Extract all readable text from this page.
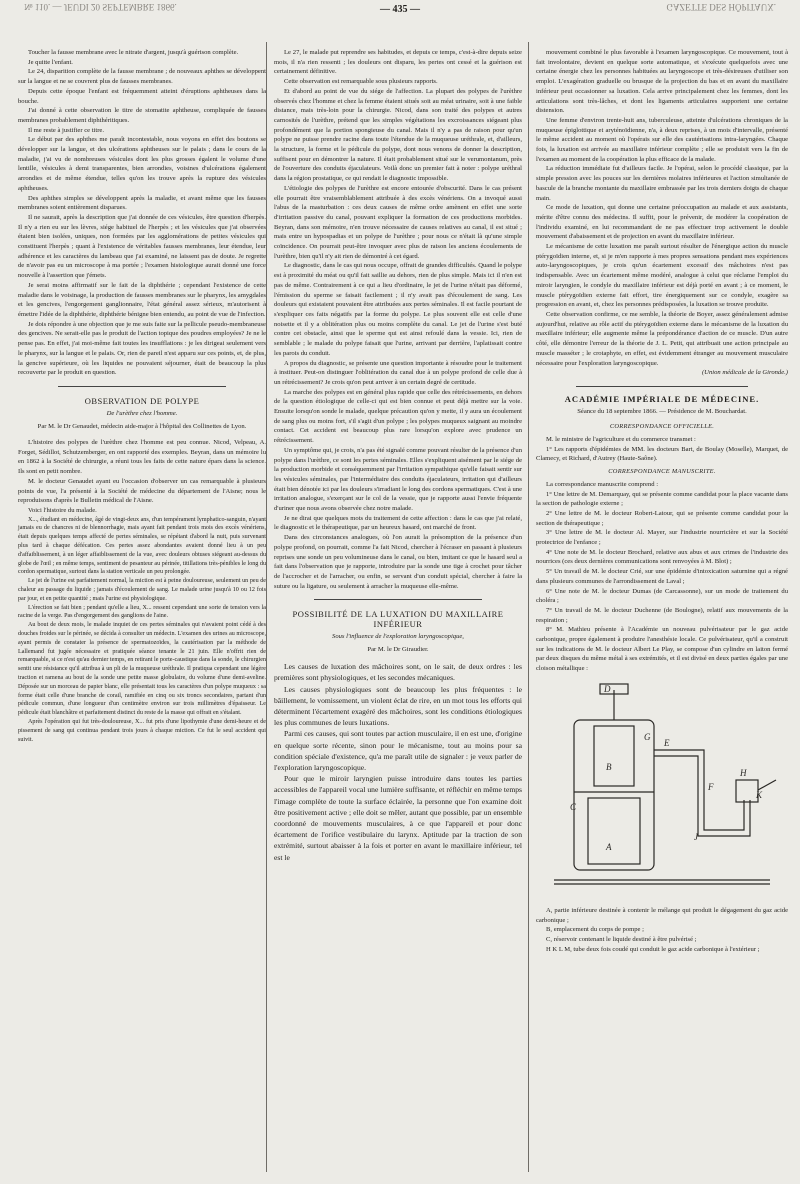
№ 110. — JEUDI 20 SEPTEMBRE 1866.	GAZETTE DES HÔPITAUX.
— 435 —

Toucher la fausse membrane avec le nitrate d'argent, jusqu'à guérison complète.

Je quitte l'enfant.

Le 24, disparition complète de la fausse membrane ; de nouveaux aphthes se développent sur la langue et ne se couvrent plus de fausses membranes.

Depuis cette époque l'enfant est fréquemment atteint d'éruptions aphtheuses dans la bouche.

J'ai donné à cette observation le titre de stomatite aphtheuse, compliquée de fausses membranes probablement diphthéritiques.

Il me reste à justifier ce titre.

Le début par des aphthes me paraît incontestable, nous voyons en effet des boutons se développer sur la langue, et des ulcérations aphtheuses sur le palais ; dans le cours de la maladie, j'ai vu de nombreuses vésicules dont les plus grosses égalent le volume d'une lentille, vésicules à demi transparentes, bien arrondies, voisines d'ulcérations également arrondies et de même étendue, telles qu'on les trouve après la rupture des vésicules aphtheuses.

Des aphthes simples se développent après la maladie, et avant même que les fausses membranes soient entièrement disparues.

Il ne saurait, après la description que j'ai donnée de ces vésicules, être question d'herpès. Il n'y a rien eu sur les lèvres, siége habituel de l'herpès ; et les vésicules que j'ai observées étaient bien isolées, uniques, non formées par les agglomérations de petites vésicules qui constituent l'herpès ; quant à l'existence de véritables fausses membranes, leur étendue, leur adhérence et les caractères du lambeau que j'ai examiné, ne laissent pas de doute. Je regrette de n'avoir pas eu un microscope à ma portée ; l'examen histologique aurait donné une force nouvelle à l'assertion que j'émets.

Je serai moins affirmatif sur le fait de la diphthérie ; cependant l'existence de cette maladie dans le voisinage, la production de fausses membranes sur le pharynx, les amygdales et les gencives, l'engorgement ganglionnaire, l'état général assez sérieux, m'autorisent à émettre l'idée de la diphthérie, diphthérie bénigne bien entendu, au point de vue de l'infection.

Je dois répondre à une objection que je me suis faite sur la pellicule pseudo-membraneuse des gencives. Ne serait-elle pas le produit de l'action topique des poudres employées? Je ne le pense pas. En effet, j'ai moi-même fait toutes les insufflations : je les dirigeai seulement vers le pharynx, sur la langue et le palais. Or, rien de pareil n'est apparu sur ces points, et, de plus, la gencive supérieure, où les liquides ne pouvaient séjourner, était de beaucoup la plus recouverte par le produit en question.

OBSERVATION DE POLYPE
De l'urèthre chez l'homme.
Par M. le Dr Genaudet, médecin aide-major à l'hôpital des Collinettes de Lyon.

L'histoire des polypes de l'urèthre chez l'homme est peu connue. Nicod, Velpeau, A. Forget, Sédillot, Schutzemberger, en ont rapporté des exemples. Beyran, dans un mémoire lu en 1862 à la Société de chirurgie, a réuni tous les faits de cette nature épars dans la science. Ils sont en petit nombre.

M. le docteur Genaudet ayant eu l'occasion d'observer un cas remarquable à plusieurs points de vue, l'a présenté à la Société de médecine du département de l'Aisne; nous le reproduisons d'après le Bulletin médical de l'Aisne.

Voici l'histoire du malade.

X..., étudiant en médecine, âgé de vingt-deux ans, d'un tempérament lymphatico-sanguin, n'ayant jamais eu de chancres ni de blennorrhagie, mais ayant fait pendant trois mois des excès vénériens, était depuis quelques temps affecté de pertes séminales, se répétant d'abord la nuit, puis survenant plus tard à chaque défécation. Ces pertes assez abondantes avaient donné lieu à un peu d'affaiblissement, à un léger affaiblissement de la vue, avec douleurs obtuses siégeant au-dessus du globe de l'œil ; en même temps, sentiment de pesanteur au périnée, titillations très-pénibles le long du cordon spermatique, surtout dans la station verticale un peu prolongée.

Le jet de l'urine est parfaitement normal, la miction est à peine douloureuse, seulement un peu de chaleur au passage du liquide ; jamais d'écoulement de sang. Le malade urine jusqu'à 10 ou 12 fois par jour, et en petite quantité ; mais l'urine est physiologique.

L'érection se fait bien ; pendant qu'elle a lieu, X... ressent cependant une sorte de tension vers la racine de la verge. Pas d'engorgement des ganglions de l'aine.

Au bout de deux mois, le malade inquiet de ces pertes séminales qui n'avaient point cédé à des douches froides sur le périnée, se décida à consulter un médecin. L'examen des urines au microscope, ayant permis de constater la présence de spermatozoïdes, la cautérisation par la méthode de Lallemand fut jugée nécessaire et pratiquée séance tenante le 21 juin. Elle n'offrit rien de remarquable, si ce n'est qu'au dernier temps, en retirant le porte-caustique dans la sonde, le chirurgien sentit une résistance qu'il attribua à un pli de la muqueuse uréthrale. Il pratiqua cependant une légère traction et ramena au bout de la sonde une petite masse globulaire, du volume d'une demi-aveline. Déposée sur un morceau de papier blanc, elle présentait tous les caractères d'un polype muqueux : sa forme était celle d'une branche de corail, ramifiée en cinq ou six troncs secondaires, partant d'un pédicule commun, d'une longueur d'un centimètre environ sur trois millimètres d'épaisseur. Le pédicule était blanchâtre et parfaitement distinct du reste de la masse qui offrait en s'étalant.

Après l'opération qui fut très-douloureuse, X... fut pris d'une lipothymie d'une demi-heure et de pissement de sang qui continua pendant trois jours à chaque miction. Ce fut le seul accident qui suivit.

Le 27, le malade put reprendre ses habitudes, et depuis ce temps, c'est-à-dire depuis seize mois, il n'a rien ressenti ; les douleurs ont disparu, les pertes ont cessé et la guérison est certainement définitive.

Cette observation est remarquable sous plusieurs rapports.

Et d'abord au point de vue du siége de l'affection. La plupart des polypes de l'urèthre observés chez l'homme et chez la femme étaient situés soit au méat urinaire, soit à une faible distance, mais très-loin pour la chirurgie. Nicod, dans son traité des polypes et autres carnosités de l'urèthre, prétend que les simples végétations les excroissances siégeant plus profondément que la portion spongieuse du canal. Mais il n'y a pas de raison pour qu'un polype ne puisse prendre racine dans toute l'étendue de la muqueuse uréthrale, et, d'ailleurs, la structure, la forme et le pédicule du polype, dont nous venons de donner la description, suffisent pour en démontrer la nature. Il était probablement situé sur le verumontanum, près de l'ouverture des conduits éjaculateurs. Voilà donc un premier fait à noter : polype uréthral dans la région prostatique, ce qui rendait le diagnostic impossible.

L'étiologie des polypes de l'urèthre est encore entourée d'obscurité. Dans le cas présent elle pourrait être vraisemblablement attribuée à des excès vénériens. On a invoqué aussi l'abus de la masturbation : ces deux causes de même ordre amènent en effet une sorte d'irritation passive du canal, pouvant expliquer la formation de ces productions morbides. Beyran, dans son mémoire, n'en trouve nécessaire de causes relatives au canal, il est situé ; mais entre un hypospadias et un polype de l'urèthre ; pour nous ce n'était là qu'une simple coïncidence. On pourrait peut-être invoquer avec plus de raison les anciens écoulements de l'urèthre, bien qu'il n'y ait rien de démontré à cet égard.

Le diagnostic, dans le cas qui nous occupe, offrait de grandes difficultés. Quand le polype est à proximité du méat ou qu'il fait saillie au dehors, rien de plus simple. Mais ici il n'en est pas de même. Contrairement à ce qui a lieu d'ordinaire, le jet de l'urine n'était pas déformé, l'émission du sperme se faisait facilement ; il n'y avait pas d'écoulement de sang. Les douleurs qui existaient pouvaient être attribuées aux pertes séminales. Il est facile pourtant de s'expliquer ces faits négatifs par la forme du polype. Le plus souvent elle est celle d'une noisette et il y a oblitération plus ou moins complète du canal. Le jet de l'urine s'est buté contre cet obstacle, ainsi que le sperme qui est ainsi refoulé dans la vessie. Ici, rien de semblable ; le malade du polype faisait que l'urine, arrivant par derrière, l'aplatissait contre les parois du conduit.

A propos du diagnostic, se présente une question importante à résoudre pour le traitement à instituer. Peut-on distinguer l'oblitération du canal due à un polype profond de celle due à un rétrécissement? Je crois qu'on peut arriver à un certain degré de certitude.

La marche des polypes est en général plus rapide que celle des rétrécissements, en dehors de la question étiologique de celle-ci qui est bien connue et peut déjà mettre sur la voie. Ensuite lorsqu'on sonde le malade, quelque précaution qu'on y mette, il y aura un écoulement de sang plus ou moins fort, s'il s'agit d'un polype ; les polypes muqueux saignant au moindre contact. Cet accident est beaucoup plus rare lorsqu'on explore avec prudence un rétrécissement.

Un symptôme qui, je crois, n'a pas été signalé comme pouvant résulter de la présence d'un polype dans l'urèthre, ce sont les pertes séminales. Elles s'expliquent aisément par le siége de la production morbide et conséquemment par l'irritation sympathique qu'elle faisait sentir sur les vésicules séminales, par l'intermédiaire des conduits éjaculateurs, irritation qui d'ailleurs était bien dénotée ici par les douleurs s'irradiant le long des cordons spermatiques. C'est à une irritation analogue, s'exerçant sur le col de la vessie, que je rapporte aussi l'envie fréquente d'uriner que nous avons observée chez notre malade.

Je ne dirai que quelques mots du traitement de cette affection : dans le cas que j'ai relaté, le diagnostic et le thérapeutique, par un heureux hasard, ont marché de front.

Dans des circonstances analogues, où l'on aurait la présomption de la présence d'un polype profond, on pourrait, comme l'a fait Nicod, chercher à l'écraser en passant à plusieurs reprises une sonde un peu volumineuse dans le canal, ou bien, imitant ce que le hasard seul a fait dans l'observation que je rapporte, introduire par la sonde une tige à crochet pour tâcher de l'accrocher et de l'arracher, ou enfin, se servant d'un conduit spécial, chercher à faire la suture ou la ligature, ou seulement à arracher la muqueuse elle-même.

POSSIBILITÉ DE LA LUXATION DU MAXILLAIRE INFÉRIEUR
Sous l'influence de l'exploration laryngoscopique,
Par M. le Dr Giraudier.

Les causes de luxation des mâchoires sont, on le sait, de deux ordres : les premières sont physiologiques, et les secondes mécaniques.

Les causes physiologiques sont de beaucoup les plus fréquentes : le bâillement, le vomissement, un violent éclat de rire, en un mot tous les efforts qui déterminent l'écartement exagéré des mâchoires, sont les conditions étiologiques les plus communes de leurs luxations.

Parmi ces causes, qui sont toutes par action musculaire, il en est une, d'origine en quelque sorte récente, sinon pour le mécanisme, tout au moins pour sa condition spéciale d'existence, qu'a me paraît utile de signaler : je veux parler de l'exploration laryngoscopique.

Pour que le miroir laryngien puisse introduire dans toutes les parties accessibles de l'appareil vocal une lumière suffisante, et réfléchir en même temps l'image complète de toute la surface éclairée, la personne que l'on examine doit être positivement active ; elle doit se mêler, autant que possible, par un ensemble coordonné de mouvements musculaires, à ce que l'appareil et pour donc écartement de l'orifice vestibulaire du larynx. Aptitude par la traction de son extrémité, surtout abaisser à la fois et porter en avant le maxillaire inférieur, tel est le

mouvement combiné le plus favorable à l'examen laryngoscopique. Ce mouvement, tout à fait involontaire, devient en quelque sorte automatique, et s'exécute quelquefois avec une certaine énergie chez les personnes habituées au laryngoscope et très-désireuses d'utiliser son emploi. L'exagération graduelle ou brusque de la projection du bas et en avant du maxillaire inférieur peut occasionner sa luxation. Cela arrive principalement chez les femmes, dont les articulations sont très-lâches, et dont les ligaments articulaires supportent une certaine distension.

Une femme d'environ trente-huit ans, tuberculeuse, atteinte d'ulcérations chroniques de la muqueuse épiglottique et aryténoïdienne, n'a, à deux reprises, à un mois d'intervalle, présenté le même accident au moment où l'opérais sur elle des cautérisations intra-laryngées. Chaque fois, la luxation est arrivée au maxillaire inférieur complète ; elle se produisit vers la fin de l'examen au moment de la coopération la plus efficace de la malade.

La réduction immédiate fut d'ailleurs facile. Je l'opérai, selon le procédé classique, par la simple pression avec les pouces sur les dernières molaires inférieures et l'action simultanée de bascule de la branche montante du maxillaire embrassée par les trois derniers doigts de chaque main.

Ce mode de luxation, qui donne une certaine préoccupation au malade et aux assistants, mérite d'être connu des médecins. Il suffit, pour le prévenir, de modérer la coopération de l'individu examiné, en lui recommandant de ne pas effectuer trop activement le double mouvement d'abaissement et de projection en avant du maxillaire inférieur.

Le mécanisme de cette luxation me paraît surtout résulter de l'énergique action du muscle ptérygoïdien interne, et, si je m'en rapporte à mes propres sensations pendant mes expériences auto-laryngoscopiques, je crois qu'un écartement excessif des mâchoires n'est pas indispensable. Avec un écartement même modéré, analogue à celui que réclame l'emploi du miroir laryngien, le condyle du maxillaire inférieur est déjà porté en avant ; à ce moment, le muscle ptérygoïdien externe fait effort, tire énergiquement sur ce condyle, exagère sa progression en avant, et, chez les personnes prédisposées, la luxation se trouve produite.

Cette observation confirme, ce me semble, la théorie de Boyer, assez généralement admise aujourd'hui, relative au rôle actif du ptérygoïdien externe dans le mécanisme de la luxation du maxillaire inférieur; elle augmente même la prépondérance d'action de ce muscle. D'un autre côté, elle démontre l'erreur de la théorie de J. L. Petit, qui attribuait une action principale au muscle masséter ; le crotaphyte, en effet, est évidemment étranger au mouvement musculaire nécessaire pour l'exploration laryngoscopique.

(Union médicale de la Gironde.)
ACADÉMIE IMPÉRIALE DE MÉDECINE.
Séance du 18 septembre 1866. — Présidence de M. Bouchardat.
CORRESPONDANCE OFFICIELLE.

M. le ministre de l'agriculture et du commerce transmet :

1° Les rapports d'épidémies de MM. les docteurs Bart, de Boulay (Moselle), Marquet, de Clamecy, et Richard, d'Autrey (Haute-Saône).

CORRESPONDANCE MANUSCRITE.

La correspondance manuscrite comprend :

1° Une lettre de M. Demarquay, qui se présente comme candidat pour la place vacante dans la section de pathologie externe ;

2° Une lettre de M. le docteur Robert-Latour, qui se présente comme candidat pour la section de thérapeutique ;

3° Une lettre de M. le docteur Al. Mayer, sur l'industrie nourricière et sur la Société protectrice de l'enfance ;

4° Une note de M. le docteur Brochard, relative aux abus et aux crimes de l'industrie des nourrices (ces deux dernières communications sont renvoyées à M. Blot) ;

5° Un travail de M. le docteur Crié, sur une épidémie d'intoxication saturnine qui a régné dans plusieurs communes de l'arrondissement de Laval ;

6° Une note de M. le docteur Dumas (de Carcassonne), sur un mode de traitement du choléra ;

7° Un travail de M. le docteur Duchenne (de Boulogne), relatif aux mouvements de la respiration ;

8° M. Mathieu présente à l'Académie un nouveau pulvérisateur par le gaz acide carbonique, propre également à produire l'anesthésie locale. Ce pulvérisateur, qu'il a construit sur les indications de M. le docteur Albert Le Play, se compose d'un cylindre en laiton fermé par deux disques du même métal à ses extrémités, et il est divisé en deux parties égales par une cloison métallique :

D
E
F
H
J
K
A
B
C
G

A, partie inférieure destinée à contenir le mélange qui produit le dégagement du gaz acide carbonique ;

B, emplacement du corps de pompe ;

C, réservoir contenant le liquide destiné à être pulvérisé ;

H K L M, tube deux fois coudé qui conduit le gaz acide carbonique à l'extérieur ;
